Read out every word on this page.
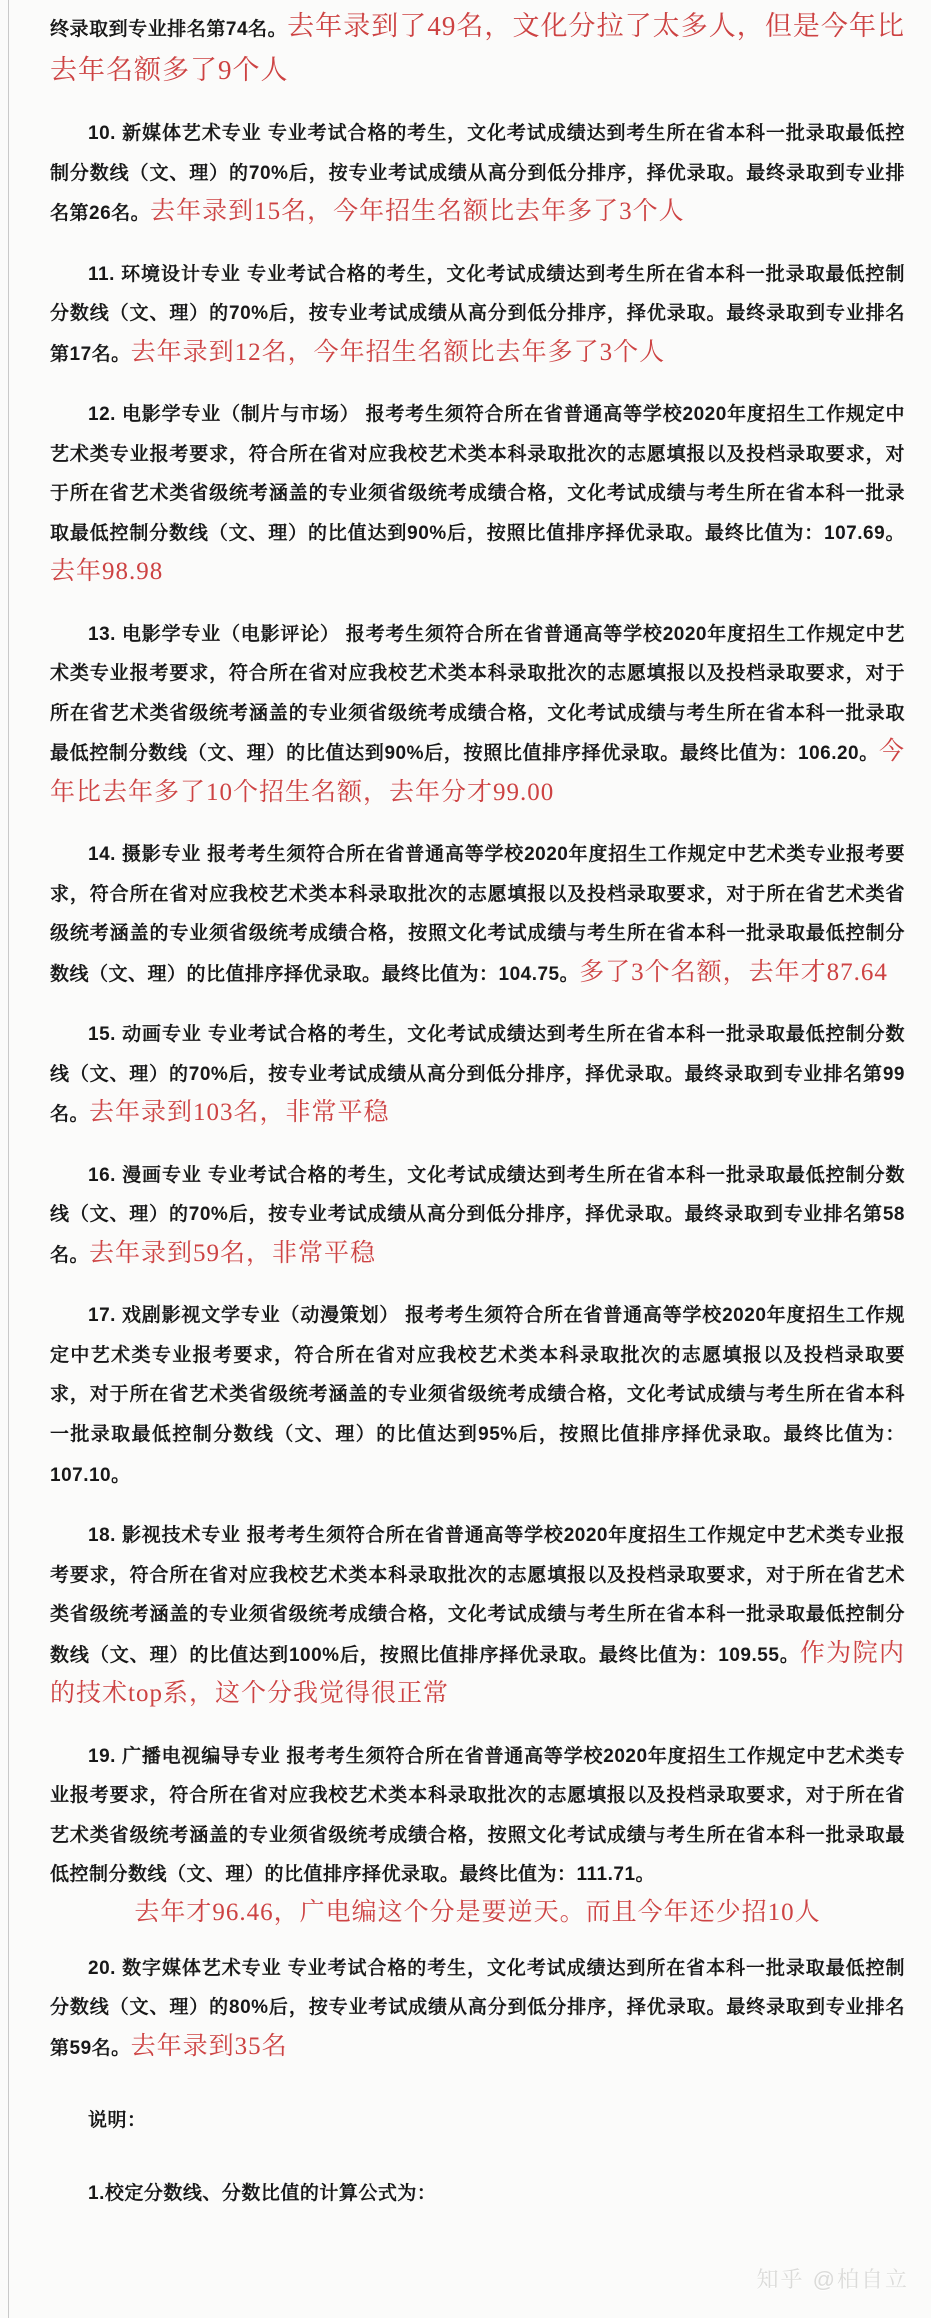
终录取到专业排名第74名。去年录到了49名，文化分拉了太多人，但是今年比去年名额多了9个人

10. 新媒体艺术专业 专业考试合格的考生，文化考试成绩达到考生所在省本科一批录取最低控制分数线（文、理）的70%后，按专业考试成绩从高分到低分排序，择优录取。最终录取到专业排名第26名。去年录到15名，今年招生名额比去年多了3个人

11. 环境设计专业 专业考试合格的考生，文化考试成绩达到考生所在省本科一批录取最低控制分数线（文、理）的70%后，按专业考试成绩从高分到低分排序，择优录取。最终录取到专业排名第17名。去年录到12名，今年招生名额比去年多了3个人

12. 电影学专业（制片与市场） 报考考生须符合所在省普通高等学校2020年度招生工作规定中艺术类专业报考要求，符合所在省对应我校艺术类本科录取批次的志愿填报以及投档录取要求，对于所在省艺术类省级统考涵盖的专业须省级统考成绩合格，文化考试成绩与考生所在省本科一批录取最低控制分数线（文、理）的比值达到90%后，按照比值排序择优录取。最终比值为：107.69。去年98.98

13. 电影学专业（电影评论） 报考考生须符合所在省普通高等学校2020年度招生工作规定中艺术类专业报考要求，符合所在省对应我校艺术类本科录取批次的志愿填报以及投档录取要求，对于所在省艺术类省级统考涵盖的专业须省级统考成绩合格，文化考试成绩与考生所在省本科一批录取最低控制分数线（文、理）的比值达到90%后，按照比值排序择优录取。最终比值为：106.20。今年比去年多了10个招生名额，去年分才99.00

14. 摄影专业 报考考生须符合所在省普通高等学校2020年度招生工作规定中艺术类专业报考要求，符合所在省对应我校艺术类本科录取批次的志愿填报以及投档录取要求，对于所在省艺术类省级统考涵盖的专业须省级统考成绩合格，按照文化考试成绩与考生所在省本科一批录取最低控制分数线（文、理）的比值排序择优录取。最终比值为：104.75。多了3个名额，去年才87.64

15. 动画专业 专业考试合格的考生，文化考试成绩达到考生所在省本科一批录取最低控制分数线（文、理）的70%后，按专业考试成绩从高分到低分排序，择优录取。最终录取到专业排名第99名。去年录到103名，非常平稳

16. 漫画专业 专业考试合格的考生，文化考试成绩达到考生所在省本科一批录取最低控制分数线（文、理）的70%后，按专业考试成绩从高分到低分排序，择优录取。最终录取到专业排名第58名。去年录到59名，非常平稳

17. 戏剧影视文学专业（动漫策划） 报考考生须符合所在省普通高等学校2020年度招生工作规定中艺术类专业报考要求，符合所在省对应我校艺术类本科录取批次的志愿填报以及投档录取要求，对于所在省艺术类省级统考涵盖的专业须省级统考成绩合格，文化考试成绩与考生所在省本科一批录取最低控制分数线（文、理）的比值达到95%后，按照比值排序择优录取。最终比值为：107.10。

18. 影视技术专业 报考考生须符合所在省普通高等学校2020年度招生工作规定中艺术类专业报考要求，符合所在省对应我校艺术类本科录取批次的志愿填报以及投档录取要求，对于所在省艺术类省级统考涵盖的专业须省级统考成绩合格，文化考试成绩与考生所在省本科一批录取最低控制分数线（文、理）的比值达到100%后，按照比值排序择优录取。最终比值为：109.55。作为院内的技术top系，这个分我觉得很正常

19. 广播电视编导专业 报考考生须符合所在省普通高等学校2020年度招生工作规定中艺术类专业报考要求，符合所在省对应我校艺术类本科录取批次的志愿填报以及投档录取要求，对于所在省艺术类省级统考涵盖的专业须省级统考成绩合格，按照文化考试成绩与考生所在省本科一批录取最低控制分数线（文、理）的比值排序择优录取。最终比值为：111.71。
去年才96.46，广电编这个分是要逆天。而且今年还少招10人

20. 数字媒体艺术专业 专业考试合格的考生，文化考试成绩达到所在省本科一批录取最低控制分数线（文、理）的80%后，按专业考试成绩从高分到低分排序，择优录取。最终录取到专业排名第59名。去年录到35名

说明：

1.校定分数线、分数比值的计算公式为：

知乎 @柏自立
